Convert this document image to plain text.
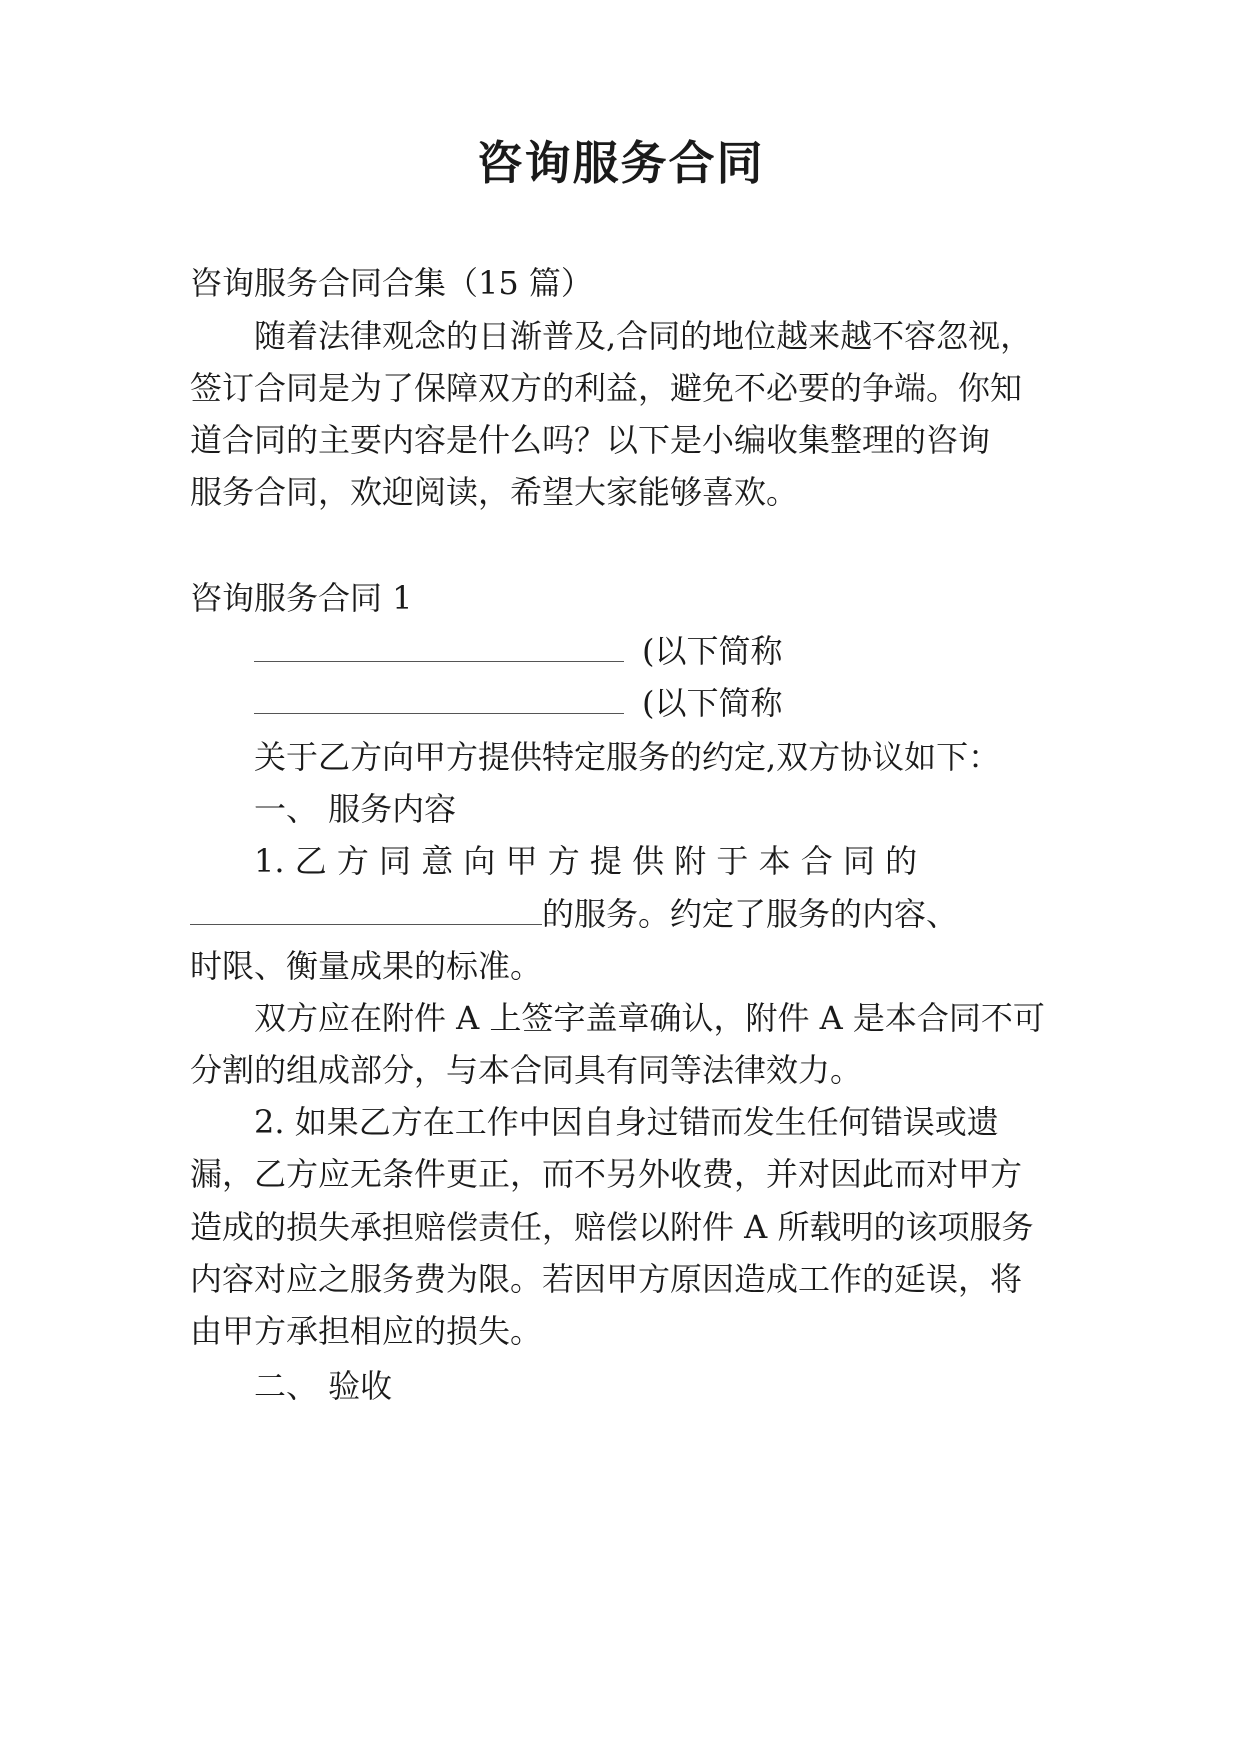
咨询服务合同
咨询服务合同合集（15 篇）
随着法律观念的日渐普及,合同的地位越来越不容忽视，
签订合同是为了保障双方的利益，避免不必要的争端。你知
道合同的主要内容是什么吗？以下是小编收集整理的咨询
服务合同，欢迎阅读，希望大家能够喜欢。
咨询服务合同 1
(以下简称
(以下简称
关于乙方向甲方提供特定服务的约定,双方协议如下：
一、 服务内容
1. 乙 方 同 意 向 甲 方 提 供 附 于 本 合 同 的
的服务。约定了服务的内容、
时限、衡量成果的标准。
双方应在附件 A 上签字盖章确认，附件 A 是本合同不可
分割的组成部分，与本合同具有同等法律效力。
2. 如果乙方在工作中因自身过错而发生任何错误或遗
漏，乙方应无条件更正，而不另外收费，并对因此而对甲方
造成的损失承担赔偿责任，赔偿以附件 A 所载明的该项服务
内容对应之服务费为限。若因甲方原因造成工作的延误，将
由甲方承担相应的损失。
二、 验收
